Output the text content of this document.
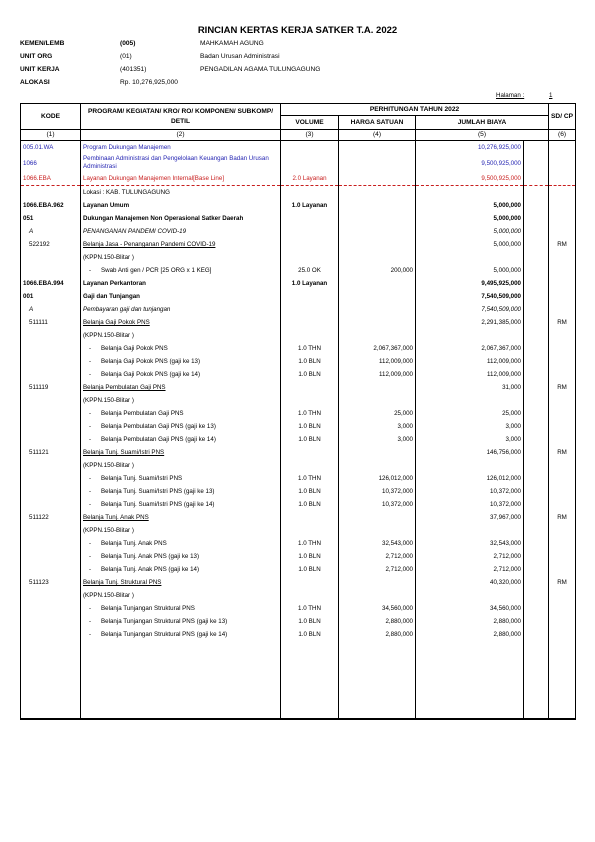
RINCIAN KERTAS KERJA SATKER T.A. 2022
KEMEN/LEMB	(005)	MAHKAMAH AGUNG
UNIT ORG	(01)	Badan Urusan Administrasi
UNIT KERJA	(401351)	PENGADILAN AGAMA TULUNGAGUNG
ALOKASI	Rp. 10,276,925,000
Halaman :	1
KODE	PROGRAM/ KEGIATAN/ KRO/ RO/ KOMPONEN/ SUBKOMP/ DETIL	PERHITUNGAN TAHUN 2022				SD/ CP
		VOLUME	HARGA SATUAN	JUMLAH BIAYA		
(1)	(2)	(3)	(4)	(5)		(6)
005.01.WA	Program Dukungan Manajemen			10,276,925,000		
1066	Pembinaan Administrasi dan Pengelolaan Keuangan Badan Urusan Administrasi			9,500,925,000		
1066.EBA	Layanan Dukungan Manajemen Internal[Base Line]	2.0 Layanan		9,500,925,000		
	Lokasi : KAB. TULUNGAGUNG					
1066.EBA.962	Layanan Umum	1.0 Layanan		5,000,000		
051	Dukungan Manajemen Non Operasional Satker Daerah			5,000,000		
A	PENANGANAN PANDEMI COVID-19			5,000,000		
522192	Belanja Jasa - Penanganan Pandemi COVID-19			5,000,000		RM
	(KPPN.150-Blitar )					
	- Swab Anti gen / PCR [25 ORG x 1 KEG]	25.0 OK	200,000	5,000,000		
1066.EBA.994	Layanan Perkantoran	1.0 Layanan		9,495,925,000		
001	Gaji dan Tunjangan			7,540,509,000		
A	Pembayaran gaji dan tunjangan			7,540,509,000		
511111	Belanja Gaji Pokok PNS			2,291,385,000		RM
	(KPPN.150-Blitar )					
	- Belanja Gaji Pokok PNS	1.0 THN	2,067,367,000	2,067,367,000		
	- Belanja Gaji Pokok PNS (gaji ke 13)	1.0 BLN	112,009,000	112,009,000		
	- Belanja Gaji Pokok PNS (gaji ke 14)	1.0 BLN	112,009,000	112,009,000		
511119	Belanja Pembulatan Gaji PNS			31,000		RM
	(KPPN.150-Blitar )					
	- Belanja Pembulatan Gaji PNS	1.0 THN	25,000	25,000		
	- Belanja Pembulatan Gaji PNS (gaji ke 13)	1.0 BLN	3,000	3,000		
	- Belanja Pembulatan Gaji PNS (gaji ke 14)	1.0 BLN	3,000	3,000		
511121	Belanja Tunj. Suami/Istri PNS			146,756,000		RM
	(KPPN.150-Blitar )					
	- Belanja Tunj. Suami/Istri PNS	1.0 THN	126,012,000	126,012,000		
	- Belanja Tunj. Suami/Istri PNS (gaji ke 13)	1.0 BLN	10,372,000	10,372,000		
	- Belanja Tunj. Suami/Istri PNS (gaji ke 14)	1.0 BLN	10,372,000	10,372,000		
511122	Belanja Tunj. Anak PNS			37,967,000		RM
	(KPPN.150-Blitar )					
	- Belanja Tunj. Anak PNS	1.0 THN	32,543,000	32,543,000		
	- Belanja Tunj. Anak PNS (gaji ke 13)	1.0 BLN	2,712,000	2,712,000		
	- Belanja Tunj. Anak PNS (gaji ke 14)	1.0 BLN	2,712,000	2,712,000		
511123	Belanja Tunj. Struktural PNS			40,320,000		RM
	(KPPN.150-Blitar )					
	- Belanja Tunjangan Struktural PNS	1.0 THN	34,560,000	34,560,000		
	- Belanja Tunjangan Struktural PNS (gaji ke 13)	1.0 BLN	2,880,000	2,880,000		
	- Belanja Tunjangan Struktural PNS (gaji ke 14)	1.0 BLN	2,880,000	2,880,000		
